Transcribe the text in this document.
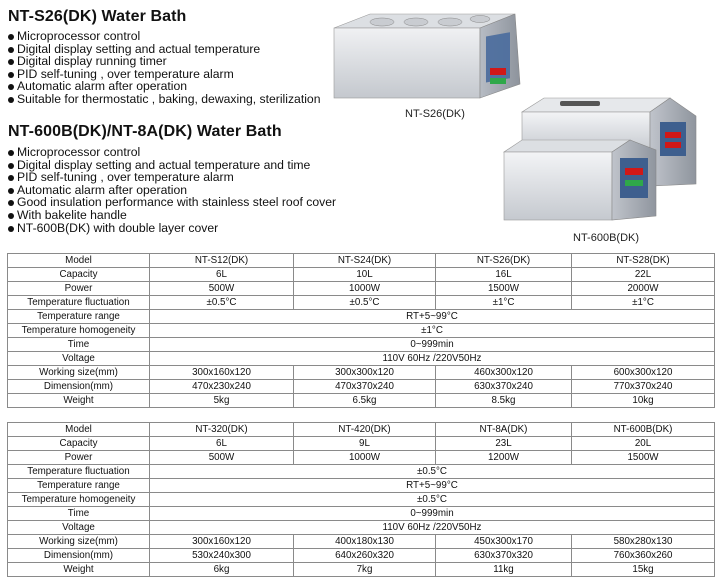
NT-S26(DK) Water Bath
Microprocessor control
Digital display setting and actual temperature
Digital display running timer
PID self-tuning , over temperature alarm
Automatic alarm after operation
Suitable for thermostatic , baking, dewaxing, sterilization
NT-S26(DK)
NT-600B(DK)/NT-8A(DK) Water Bath
Microprocessor control
Digital display setting and actual temperature and time
PID self-tuning , over temperature alarm
Automatic alarm after operation
Good insulation performance with stainless steel roof cover
With bakelite handle
NT-600B(DK) with double layer cover
NT-600B(DK)
Model	NT-S12(DK)	NT-S24(DK)	NT-S26(DK)	NT-S28(DK)
Capacity	6L	10L	16L	22L
Power	500W	1000W	1500W	2000W
Temperature fluctuation	±0.5°C	±0.5°C	±1°C	±1°C
Temperature range	RT+5~99°C			
Temperature homogeneity	±1°C			
Time	0~999min			
Voltage	110V 60Hz /220V50Hz			
Working size(mm)	300x160x120	300x300x120	460x300x120	600x300x120
Dimension(mm)	470x230x240	470x370x240	630x370x240	770x370x240
Weight	5kg	6.5kg	8.5kg	10kg
Model	NT-320(DK)	NT-420(DK)	NT-8A(DK)	NT-600B(DK)
Capacity	6L	9L	23L	20L
Power	500W	1000W	1200W	1500W
Temperature fluctuation	±0.5°C			
Temperature range	RT+5~99°C			
Temperature homogeneity	±0.5°C			
Time	0~999min			
Voltage	110V 60Hz /220V50Hz			
Working size(mm)	300x160x120	400x180x130	450x300x170	580x280x130
Dimension(mm)	530x240x300	640x260x320	630x370x320	760x360x260
Weight	6kg	7kg	11kg	15kg
